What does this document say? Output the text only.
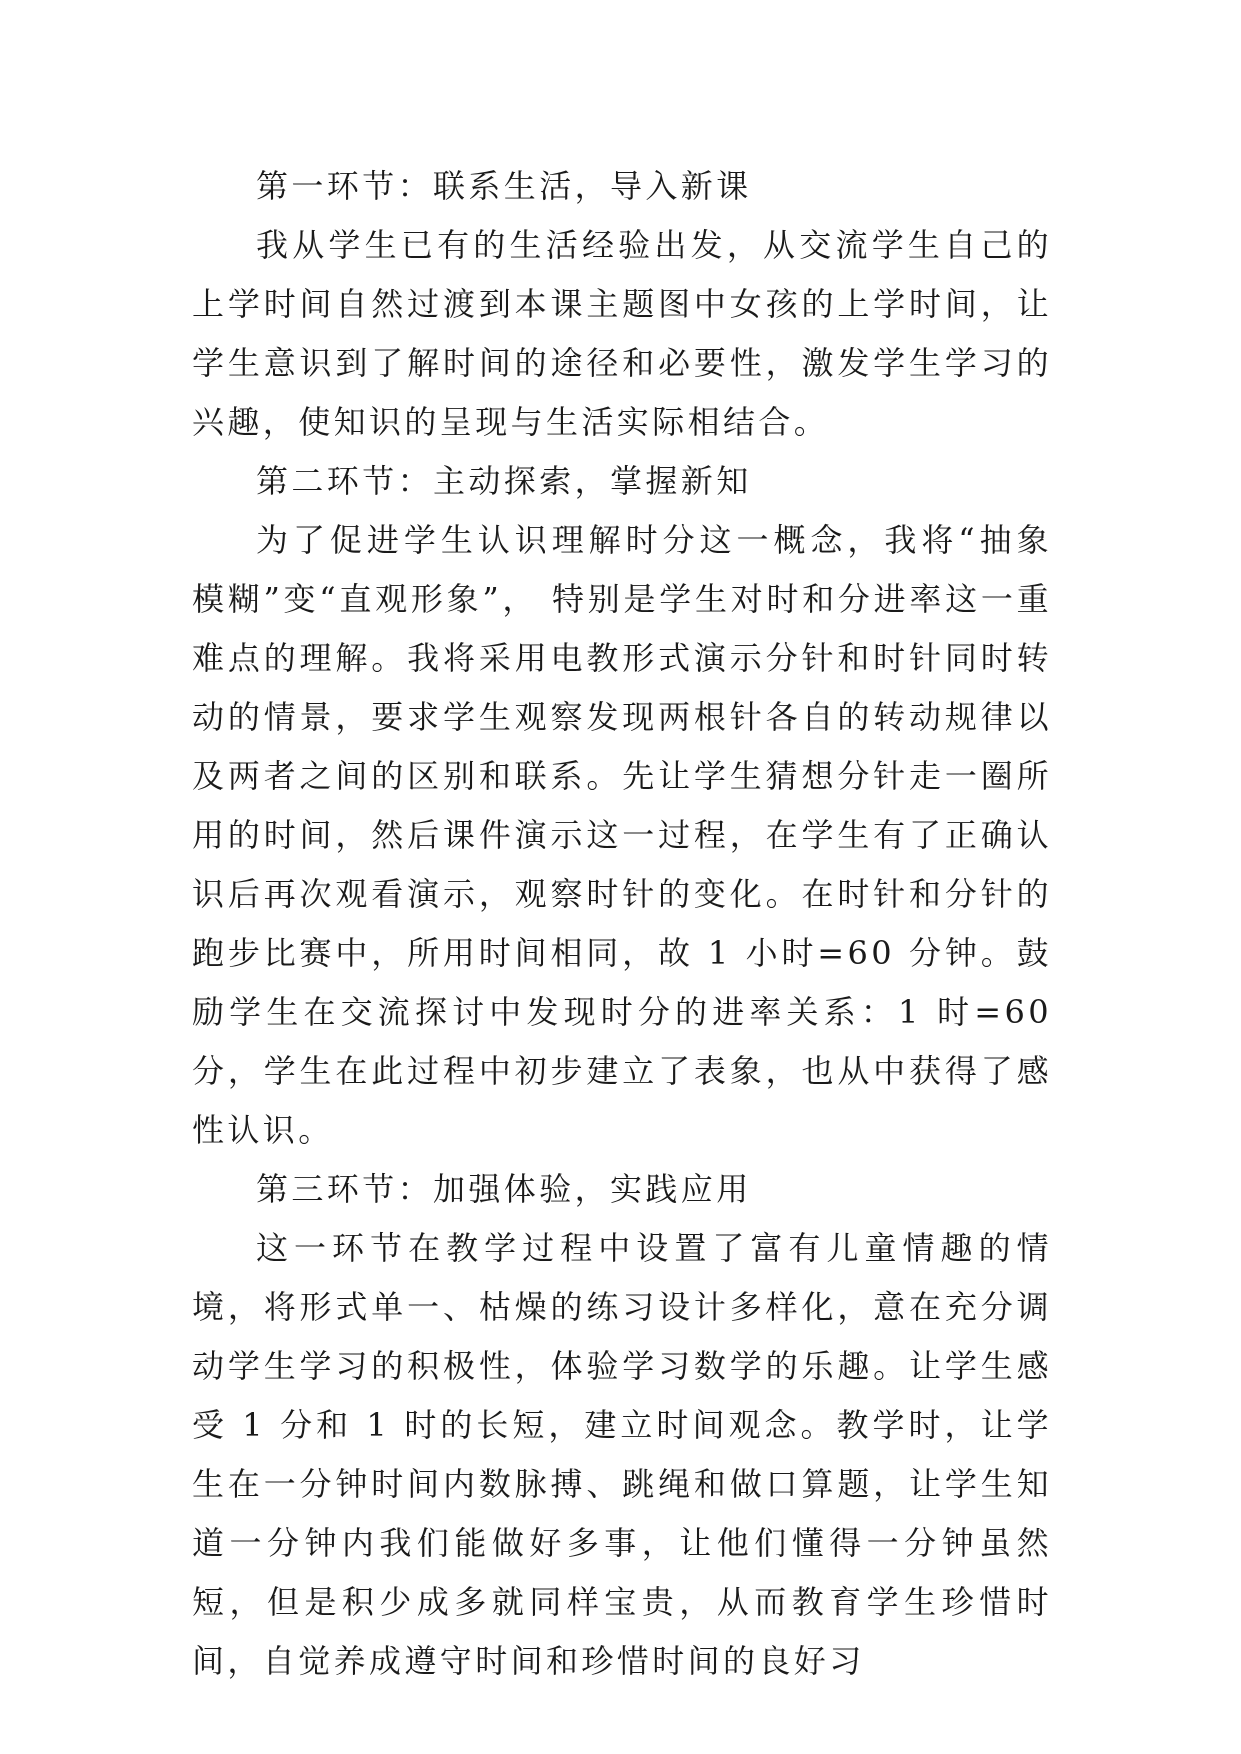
第一环节：联系生活，导入新课

我从学生已有的生活经验出发，从交流学生自己的上学时间自然过渡到本课主题图中女孩的上学时间，让学生意识到了解时间的途径和必要性，激发学生学习的兴趣，使知识的呈现与生活实际相结合。

第二环节：主动探索，掌握新知

为了促进学生认识理解时分这一概念，我将“抽象模糊”变“直观形象”， 特别是学生对时和分进率这一重难点的理解。我将采用电教形式演示分针和时针同时转动的情景，要求学生观察发现两根针各自的转动规律以及两者之间的区别和联系。先让学生猜想分针走一圈所用的时间，然后课件演示这一过程，在学生有了正确认识后再次观看演示，观察时针的变化。在时针和分针的跑步比赛中，所用时间相同，故 1 小时=60 分钟。鼓励学生在交流探讨中发现时分的进率关系：1 时=60 分，学生在此过程中初步建立了表象，也从中获得了感性认识。

第三环节：加强体验，实践应用

这一环节在教学过程中设置了富有儿童情趣的情境，将形式单一、枯燥的练习设计多样化，意在充分调动学生学习的积极性，体验学习数学的乐趣。让学生感受 1 分和 1 时的长短，建立时间观念。教学时，让学生在一分钟时间内数脉搏、跳绳和做口算题，让学生知道一分钟内我们能做好多事，让他们懂得一分钟虽然短，但是积少成多就同样宝贵，从而教育学生珍惜时间，自觉养成遵守时间和珍惜时间的良好习
